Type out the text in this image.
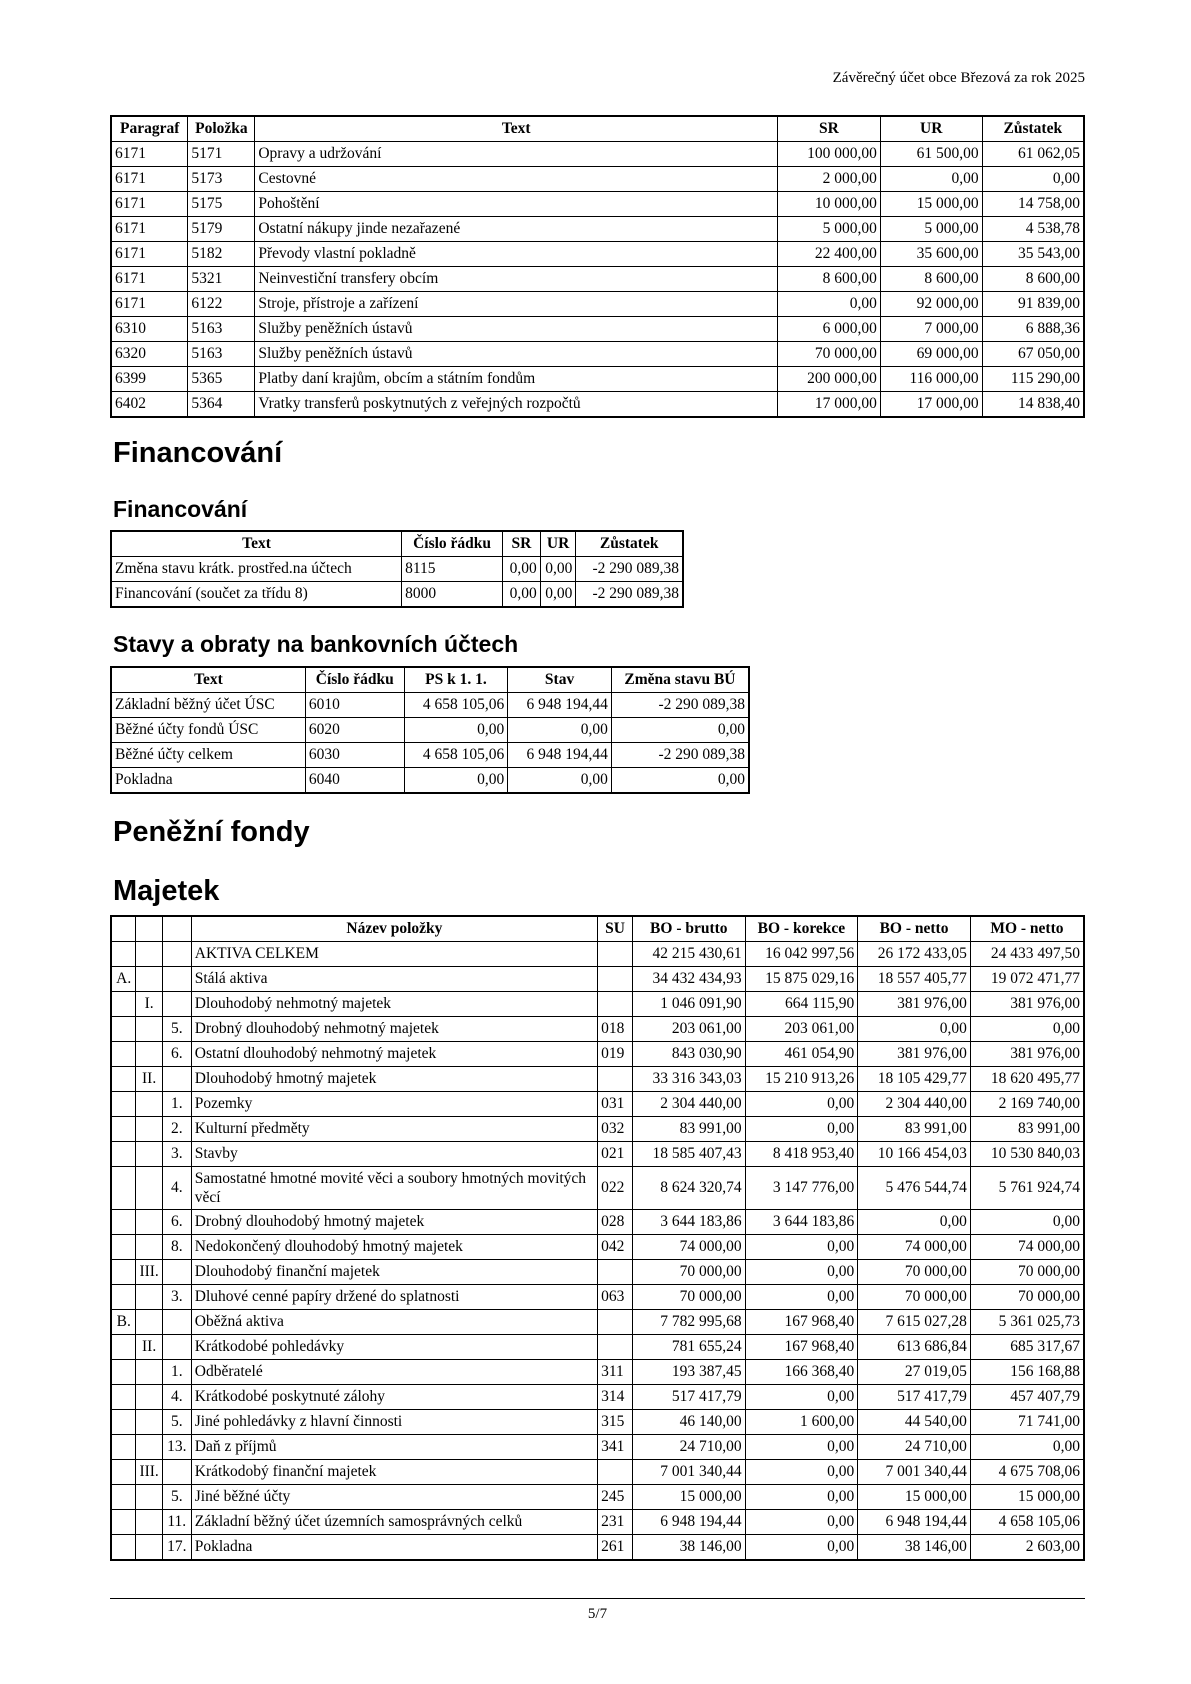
Závěrečný účet obce Březová za rok 2025
Paragraf	Položka	Text	SR	UR	Zůstatek
6171	5171	Opravy a udržování	100 000,00	61 500,00	61 062,05
6171	5173	Cestovné	2 000,00	0,00	0,00
6171	5175	Pohoštění	10 000,00	15 000,00	14 758,00
6171	5179	Ostatní nákupy jinde nezařazené	5 000,00	5 000,00	4 538,78
6171	5182	Převody vlastní pokladně	22 400,00	35 600,00	35 543,00
6171	5321	Neinvestiční transfery obcím	8 600,00	8 600,00	8 600,00
6171	6122	Stroje, přístroje a zařízení	0,00	92 000,00	91 839,00
6310	5163	Služby peněžních ústavů	6 000,00	7 000,00	6 888,36
6320	5163	Služby peněžních ústavů	70 000,00	69 000,00	67 050,00
6399	5365	Platby daní krajům, obcím a státním fondům	200 000,00	116 000,00	115 290,00
6402	5364	Vratky transferů poskytnutých z veřejných rozpočtů	17 000,00	17 000,00	14 838,40
Financování
Financování
Text	Číslo řádku	SR	UR	Zůstatek
Změna stavu krátk. prostřed.na účtech	8115	0,00	0,00	-2 290 089,38
Financování (součet za třídu 8)	8000	0,00	0,00	-2 290 089,38
Stavy a obraty na bankovních účtech
Text	Číslo řádku	PS k 1. 1.	Stav	Změna stavu BÚ
Základní běžný účet ÚSC	6010	4 658 105,06	6 948 194,44	-2 290 089,38
Běžné účty fondů ÚSC	6020	0,00	0,00	0,00
Běžné účty celkem	6030	4 658 105,06	6 948 194,44	-2 290 089,38
Pokladna	6040	0,00	0,00	0,00
Peněžní fondy
Majetek
			Název položky	SU	BO - brutto	BO - korekce	BO - netto	MO - netto
			AKTIVA CELKEM		42 215 430,61	16 042 997,56	26 172 433,05	24 433 497,50
A.			Stálá aktiva		34 432 434,93	15 875 029,16	18 557 405,77	19 072 471,77
	I.		Dlouhodobý nehmotný majetek		1 046 091,90	664 115,90	381 976,00	381 976,00
		5.	Drobný dlouhodobý nehmotný majetek	018	203 061,00	203 061,00	0,00	0,00
		6.	Ostatní dlouhodobý nehmotný majetek	019	843 030,90	461 054,90	381 976,00	381 976,00
	II.		Dlouhodobý hmotný majetek		33 316 343,03	15 210 913,26	18 105 429,77	18 620 495,77
		1.	Pozemky	031	2 304 440,00	0,00	2 304 440,00	2 169 740,00
		2.	Kulturní předměty	032	83 991,00	0,00	83 991,00	83 991,00
		3.	Stavby	021	18 585 407,43	8 418 953,40	10 166 454,03	10 530 840,03
		4.	Samostatné hmotné movité věci a soubory hmotných movitých věcí	022	8 624 320,74	3 147 776,00	5 476 544,74	5 761 924,74
		6.	Drobný dlouhodobý hmotný majetek	028	3 644 183,86	3 644 183,86	0,00	0,00
		8.	Nedokončený dlouhodobý hmotný majetek	042	74 000,00	0,00	74 000,00	74 000,00
	III.		Dlouhodobý finanční majetek		70 000,00	0,00	70 000,00	70 000,00
		3.	Dluhové cenné papíry držené do splatnosti	063	70 000,00	0,00	70 000,00	70 000,00
B.			Oběžná aktiva		7 782 995,68	167 968,40	7 615 027,28	5 361 025,73
	II.		Krátkodobé pohledávky		781 655,24	167 968,40	613 686,84	685 317,67
		1.	Odběratelé	311	193 387,45	166 368,40	27 019,05	156 168,88
		4.	Krátkodobé poskytnuté zálohy	314	517 417,79	0,00	517 417,79	457 407,79
		5.	Jiné pohledávky z hlavní činnosti	315	46 140,00	1 600,00	44 540,00	71 741,00
		13.	Daň z příjmů	341	24 710,00	0,00	24 710,00	0,00
	III.		Krátkodobý finanční majetek		7 001 340,44	0,00	7 001 340,44	4 675 708,06
		5.	Jiné běžné účty	245	15 000,00	0,00	15 000,00	15 000,00
		11.	Základní běžný účet územních samosprávných celků	231	6 948 194,44	0,00	6 948 194,44	4 658 105,06
		17.	Pokladna	261	38 146,00	0,00	38 146,00	2 603,00
5/7
